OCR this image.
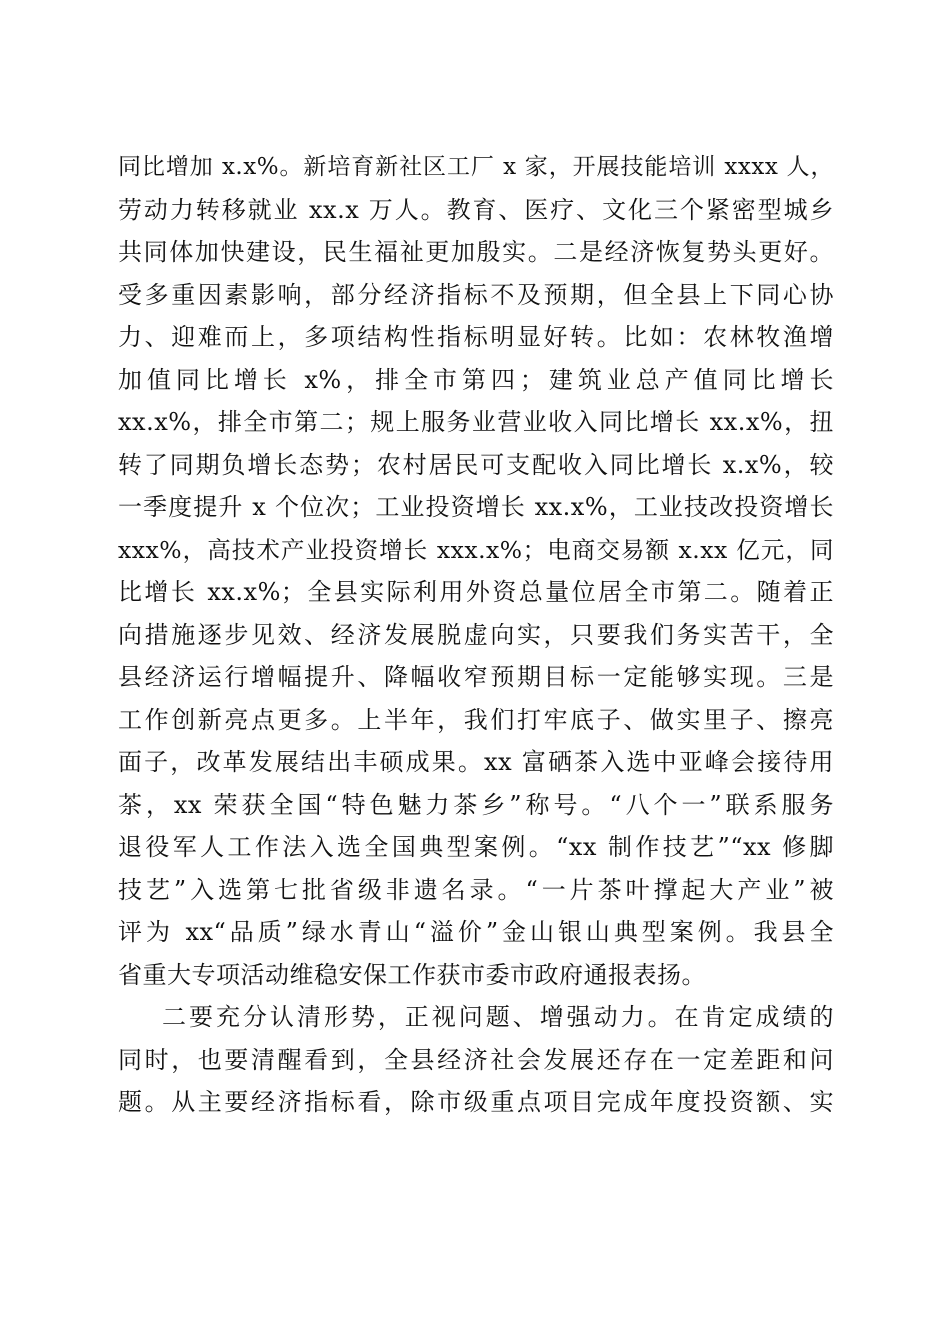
同比增加 x.x%。新培育新社区工厂 x 家，开展技能培训 xxxx 人，
劳动力转移就业 xx.x 万人。教育、医疗、文化三个紧密型城乡
共同体加快建设，民生福祉更加殷实。二是经济恢复势头更好。
受多重因素影响，部分经济指标不及预期，但全县上下同心协
力、迎难而上，多项结构性指标明显好转。比如：农林牧渔增
加值同比增长 x%，排全市第四；建筑业总产值同比增长
xx.x%，排全市第二；规上服务业营业收入同比增长 xx.x%，扭
转了同期负增长态势；农村居民可支配收入同比增长 x.x%，较
一季度提升 x 个位次；工业投资增长 xx.x%，工业技改投资增长
xxx%，高技术产业投资增长 xxx.x%；电商交易额 x.xx 亿元，同
比增长 xx.x%；全县实际利用外资总量位居全市第二。随着正
向措施逐步见效、经济发展脱虚向实，只要我们务实苦干，全
县经济运行增幅提升、降幅收窄预期目标一定能够实现。三是
工作创新亮点更多。上半年，我们打牢底子、做实里子、擦亮
面子，改革发展结出丰硕成果。xx 富硒茶入选中亚峰会接待用
茶，xx 荣获全国“特色魅力茶乡”称号。“八个一”联系服务
退役军人工作法入选全国典型案例。“xx 制作技艺”“xx 修脚
技艺”入选第七批省级非遗名录。“一片茶叶撑起大产业”被
评为 xx“品质”绿水青山“溢价”金山银山典型案例。我县全
省重大专项活动维稳安保工作获市委市政府通报表扬。
二要充分认清形势，正视问题、增强动力。在肯定成绩的
同时，也要清醒看到，全县经济社会发展还存在一定差距和问
题。从主要经济指标看，除市级重点项目完成年度投资额、实
